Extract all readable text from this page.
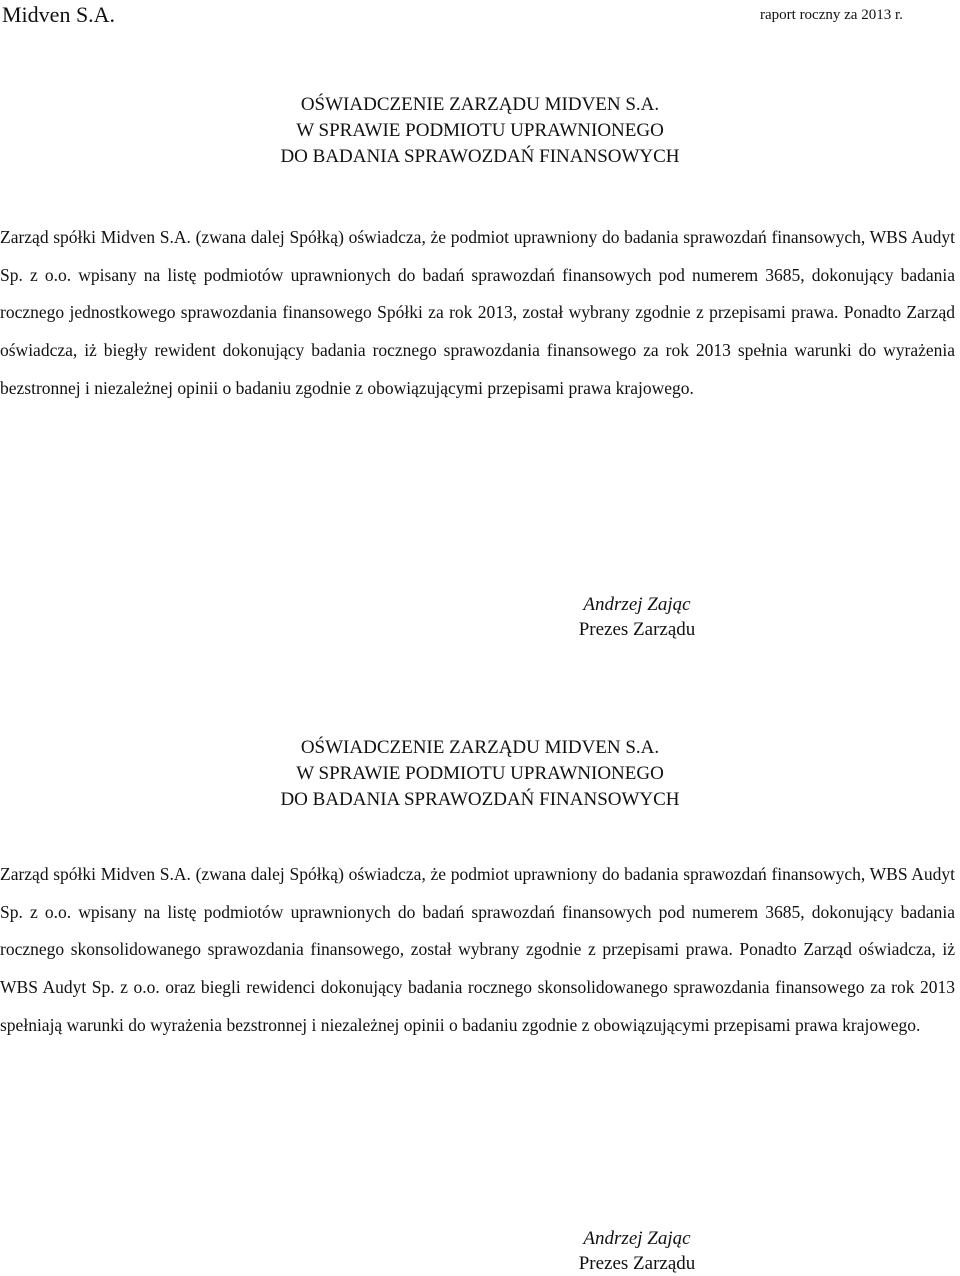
Midven S.A.	raport roczny za 2013 r.
OŚWIADCZENIE ZARZĄDU MIDVEN S.A.
W SPRAWIE PODMIOTU UPRAWNIONEGO
DO BADANIA SPRAWOZDAŃ FINANSOWYCH

Zarząd spółki Midven S.A. (zwana dalej Spółką) oświadcza, że podmiot uprawniony do badania sprawozdań finansowych, WBS Audyt Sp. z o.o. wpisany na listę podmiotów uprawnionych do badań sprawozdań finansowych pod numerem 3685, dokonujący badania rocznego jednostkowego sprawozdania finansowego Spółki za rok 2013, został wybrany zgodnie z przepisami prawa. Ponadto Zarząd oświadcza, iż biegły rewident dokonujący badania rocznego sprawozdania finansowego za rok 2013 spełnia warunki do wyrażenia bezstronnej i niezależnej opinii o badaniu zgodnie z obowiązującymi przepisami prawa krajowego.

Andrzej Zając
Prezes Zarządu
OŚWIADCZENIE ZARZĄDU MIDVEN S.A.
W SPRAWIE PODMIOTU UPRAWNIONEGO
DO BADANIA SPRAWOZDAŃ FINANSOWYCH

Zarząd spółki Midven S.A. (zwana dalej Spółką) oświadcza, że podmiot uprawniony do badania sprawozdań finansowych, WBS Audyt Sp. z o.o. wpisany na listę podmiotów uprawnionych do badań sprawozdań finansowych pod numerem 3685, dokonujący badania rocznego skonsolidowanego sprawozdania finansowego, został wybrany zgodnie z przepisami prawa. Ponadto Zarząd oświadcza, iż WBS Audyt Sp. z o.o. oraz biegli rewidenci dokonujący badania rocznego skonsolidowanego sprawozdania finansowego za rok 2013 spełniają warunki do wyrażenia bezstronnej i niezależnej opinii o badaniu zgodnie z obowiązującymi przepisami prawa krajowego.

Andrzej Zając
Prezes Zarządu
